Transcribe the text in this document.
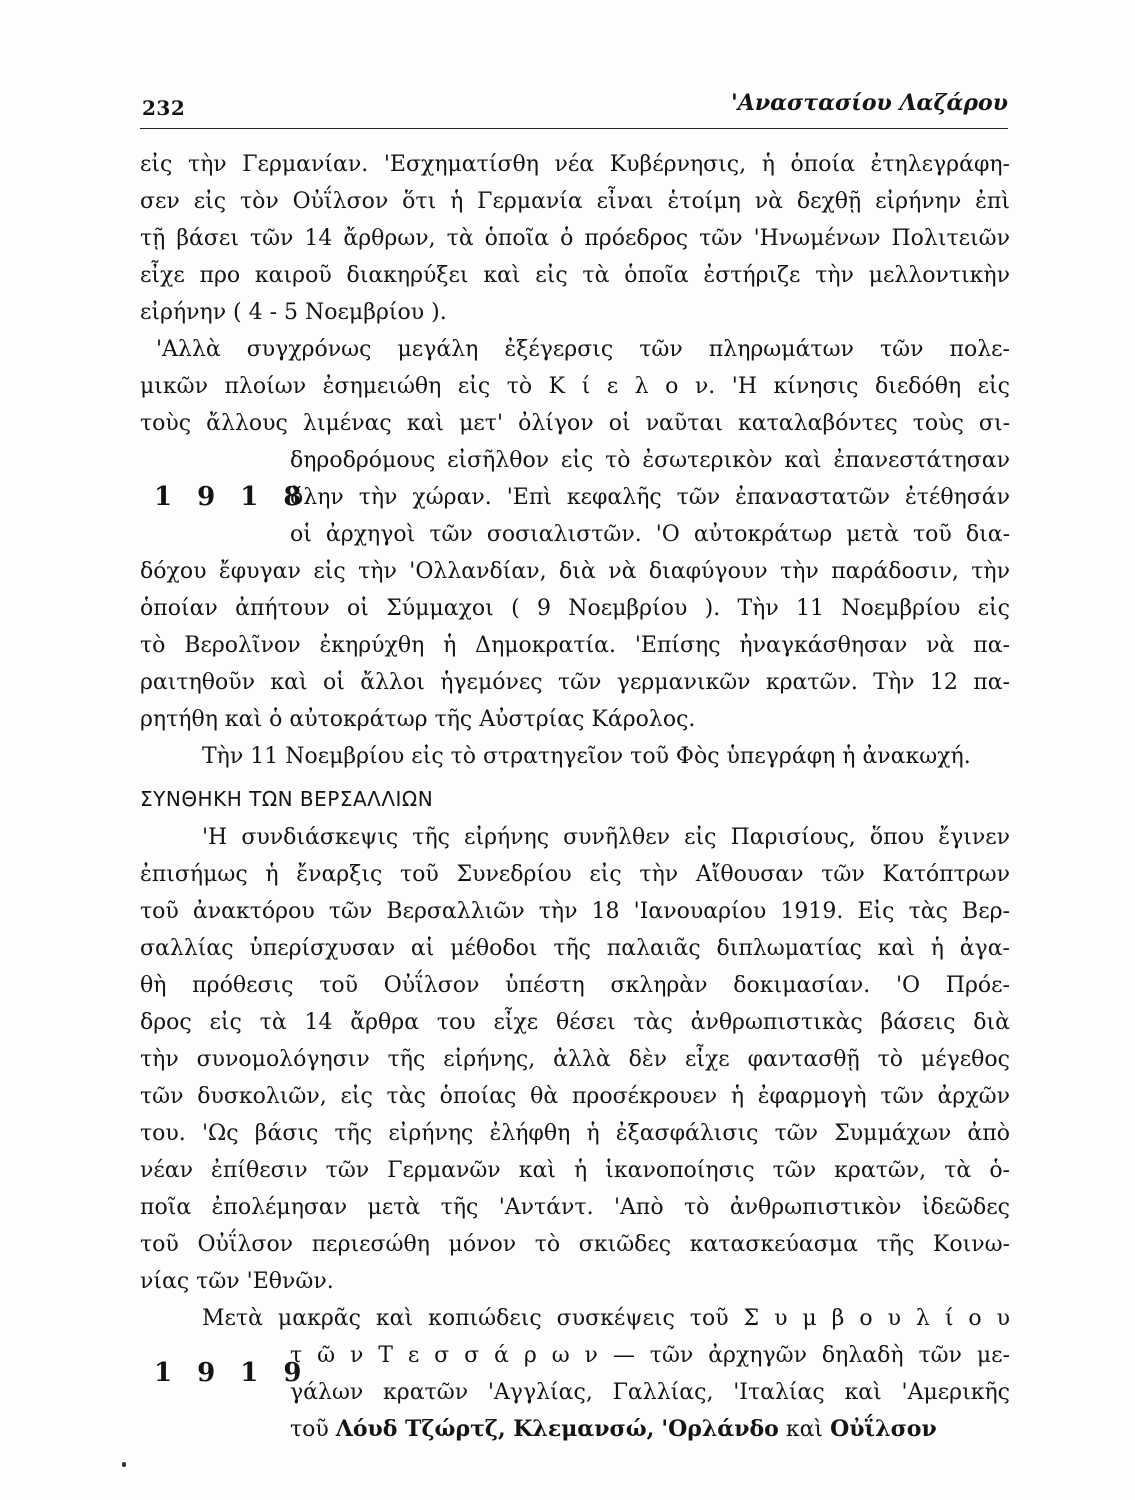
232	'Αναστασίου Λαζάρου
εἰς τὴν Γερμανίαν. 'Εσχηματίσθη νέα Κυβέρνησις, ἡ ὁποία ἐτηλεγράφη-
σεν εἰς τὸν Οὐΐλσον ὅτι ἡ Γερμανία εἶναι ἑτοίμη νὰ δεχθῇ εἰρήνην ἐπὶ
τῇ βάσει τῶν 14 ἄρθρων, τὰ ὁποῖα ὁ πρόεδρος τῶν 'Ηνωμένων Πολιτειῶν
εἶχε προ καιροῦ διακηρύξει καὶ εἰς τὰ ὁποῖα ἐστήριζε τὴν μελλοντικὴν
εἰρήνην ( 4 - 5 Νοεμβρίου ).
'Αλλὰ συγχρόνως μεγάλη ἐξέγερσις τῶν πληρωμάτων τῶν πολε-
μικῶν πλοίων ἐσημειώθη εἰς τὸ Κ ί ε λ ο ν. 'Η κίνησις διεδόθη εἰς
τοὺς ἄλλους λιμένας καὶ μετ' ὀλίγον οἱ ναῦται καταλαβόντες τοὺς σι-
δηροδρόμους εἰσῆλθον εἰς τὸ ἐσωτερικὸν καὶ ἐπανεστάτησαν
ὅλην τὴν χώραν. 'Επὶ κεφαλῆς τῶν ἐπαναστατῶν ἐτέθησάν
οἱ ἀρχηγοὶ τῶν σοσιαλιστῶν. 'Ο αὐτοκράτωρ μετὰ τοῦ δια-
1 9 1 8
δόχου ἔφυγαν εἰς τὴν 'Ολλανδίαν, διὰ νὰ διαφύγουν τὴν παράδοσιν, τὴν
ὁποίαν ἀπήτουν οἱ Σύμμαχοι ( 9 Νοεμβρίου ). Τὴν 11 Νοεμβρίου εἰς
τὸ Βερολῖνον ἐκηρύχθη ἡ Δημοκρατία. 'Επίσης ἠναγκάσθησαν νὰ πα-
ραιτηθοῦν καὶ οἱ ἄλλοι ἡγεμόνες τῶν γερμανικῶν κρατῶν. Τὴν 12 πα-
ρητήθη καὶ ὁ αὐτοκράτωρ τῆς Αὐστρίας Κάρολος.
Τὴν 11 Νοεμβρίου εἰς τὸ στρατηγεῖον τοῦ Φὸς ὑπεγράφη ἡ ἀνακωχή.
ΣΥΝΘΗΚΗ ΤΩΝ ΒΕΡΣΑΛΛΙΩΝ
'Η συνδιάσκεψις τῆς εἰρήνης συνῆλθεν εἰς Παρισίους, ὅπου ἔγινεν
ἐπισήμως ἡ ἔναρξις τοῦ Συνεδρίου εἰς τὴν Αἴθουσαν τῶν Κατόπτρων
τοῦ ἀνακτόρου τῶν Βερσαλλιῶν τὴν 18 'Ιανουαρίου 1919. Εἰς τὰς Βερ-
σαλλίας ὑπερίσχυσαν αἱ μέθοδοι τῆς παλαιᾶς διπλωματίας καὶ ἡ ἀγα-
θὴ πρόθεσις τοῦ Οὐΐλσον ὑπέστη σκληρὰν δοκιμασίαν. 'Ο Πρόε-
δρος εἰς τὰ 14 ἄρθρα του εἶχε θέσει τὰς ἀνθρωπιστικὰς βάσεις διὰ
τὴν συνομολόγησιν τῆς εἰρήνης, ἀλλὰ δὲν εἶχε φαντασθῇ τὸ μέγεθος
τῶν δυσκολιῶν, εἰς τὰς ὁποίας θὰ προσέκρουεν ἡ ἐφαρμογὴ τῶν ἀρχῶν
του. 'Ως βάσις τῆς εἰρήνης ἐλήφθη ἡ ἐξασφάλισις τῶν Συμμάχων ἀπὸ
νέαν ἐπίθεσιν τῶν Γερμανῶν καὶ ἡ ἱκανοποίησις τῶν κρατῶν, τὰ ὁ-
ποῖα ἐπολέμησαν μετὰ τῆς 'Αντάντ. 'Απὸ τὸ ἀνθρωπιστικὸν ἰδεῶδες
τοῦ Οὐΐλσον περιεσώθη μόνον τὸ σκιῶδες κατασκεύασμα τῆς Κοινω-
νίας τῶν 'Εθνῶν.
Μετὰ μακρᾶς καὶ κοπιώδεις συσκέψεις τοῦ Σ υ μ β ο υ λ ί ο υ
τ ῶ ν Τ ε σ σ ά ρ ω ν — τῶν ἀρχηγῶν δηλαδὴ τῶν με-
γάλων κρατῶν 'Αγγλίας, Γαλλίας, 'Ιταλίας καὶ 'Αμερικῆς
τοῦ Λόυδ Τζώρτζ, Κλεμανσώ, 'Ορλάνδο καὶ Οὐΐλσον
1 9 1 9
